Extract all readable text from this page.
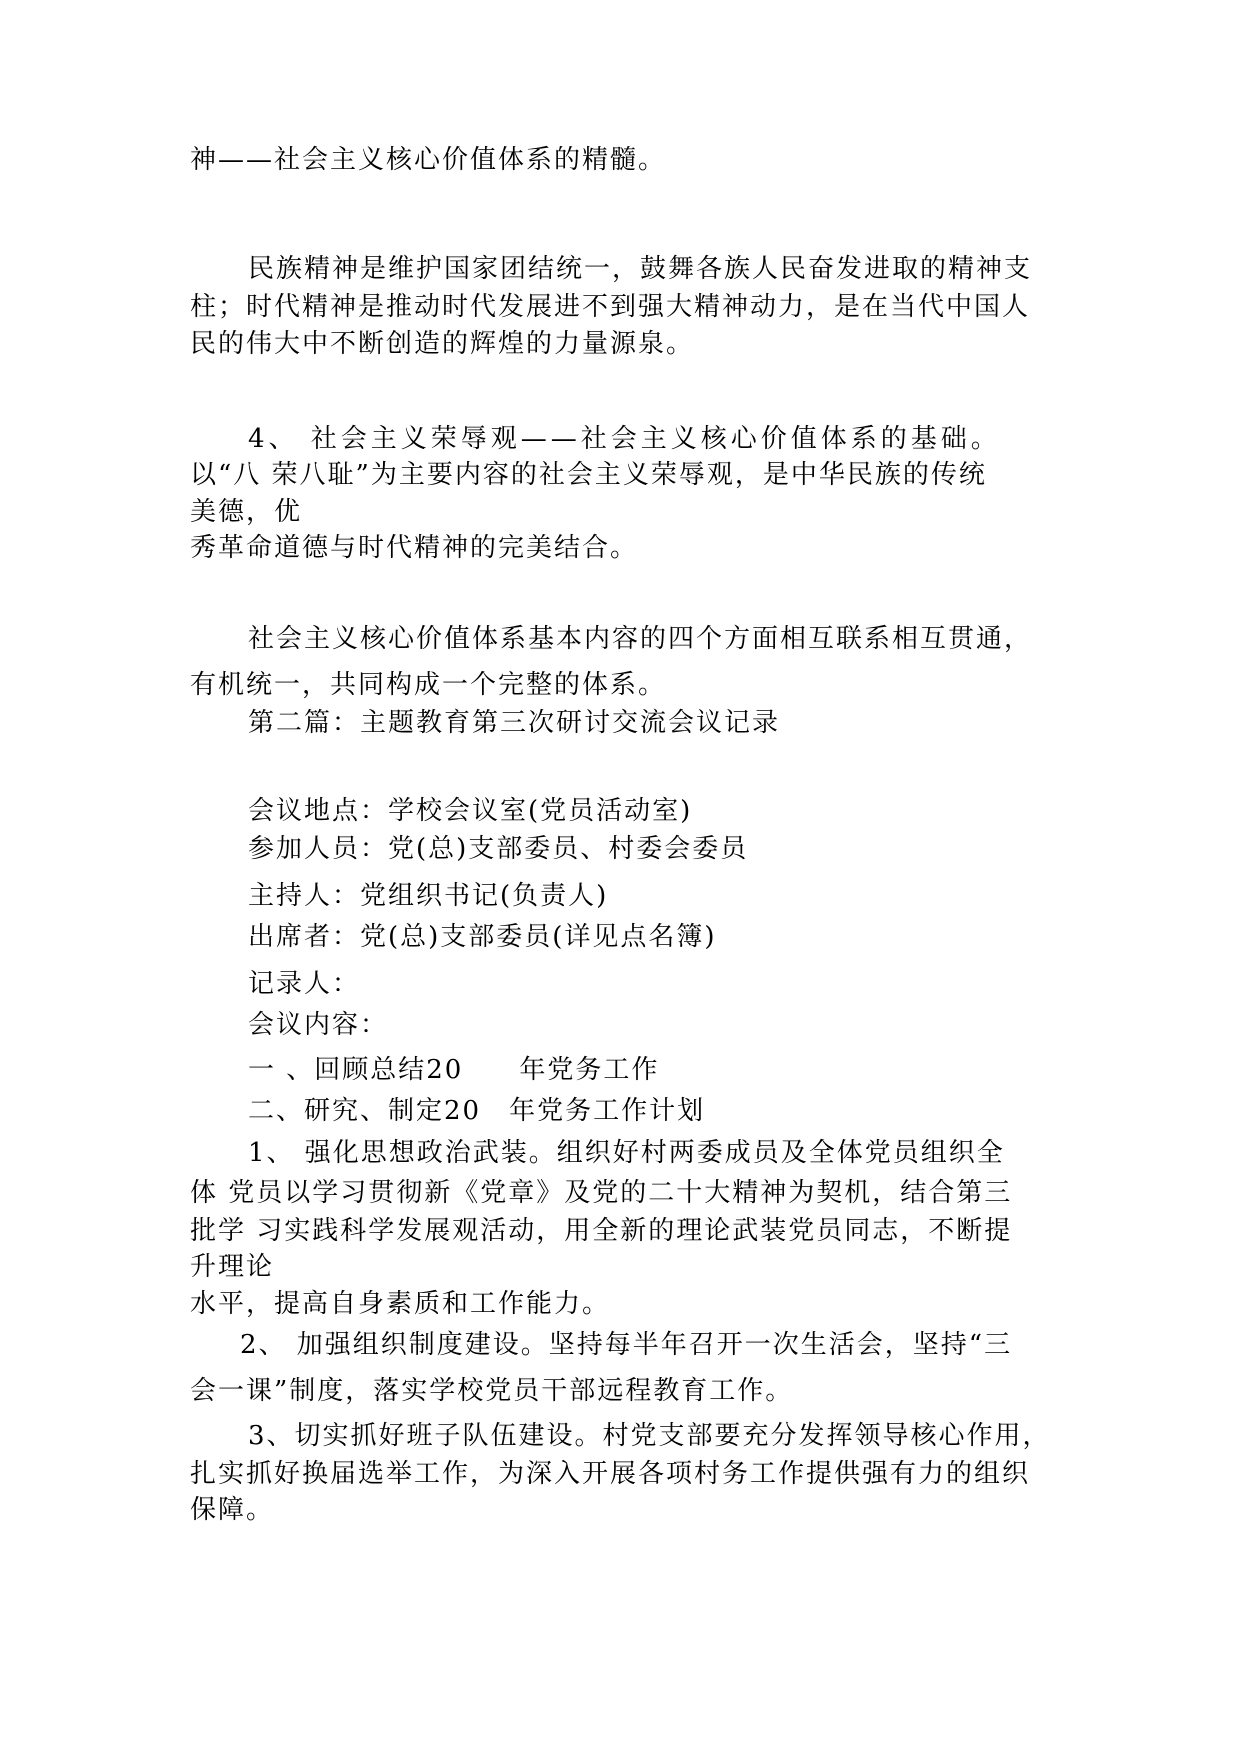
神——社会主义核心价值体系的精髓。

民族精神是维护国家团结统一，鼓舞各族人民奋发进取的精神支

柱；时代精神是推动时代发展进不到强大精神动力，是在当代中国人

民的伟大中不断创造的辉煌的力量源泉。

4、 社会主义荣辱观——社会主义核心价值体系的基础。

以“八 荣八耻”为主要内容的社会主义荣辱观，是中华民族的传统

美德，优

秀革命道德与时代精神的完美结合。

社会主义核心价值体系基本内容的四个方面相互联系相互贯通，

有机统一，共同构成一个完整的体系。

第二篇：主题教育第三次研讨交流会议记录

会议地点：学校会议室(党员活动室)

参加人员：党(总)支部委员、村委会委员

主持人：党组织书记(负责人)

出席者：党(总)支部委员(详见点名簿)

记录人：

会议内容：

一 、回顾总结20　　年党务工作

二、研究、制定20　年党务工作计划

1、 强化思想政治武装。组织好村两委成员及全体党员组织全

体 党员以学习贯彻新《党章》及党的二十大精神为契机，结合第三

批学 习实践科学发展观活动，用全新的理论武装党员同志，不断提

升理论

水平，提高自身素质和工作能力。

2、 加强组织制度建设。坚持每半年召开一次生活会，坚持“三

会一课”制度，落实学校党员干部远程教育工作。

3、切实抓好班子队伍建设。村党支部要充分发挥领导核心作用，

扎实抓好换届选举工作，为深入开展各项村务工作提供强有力的组织

保障。
